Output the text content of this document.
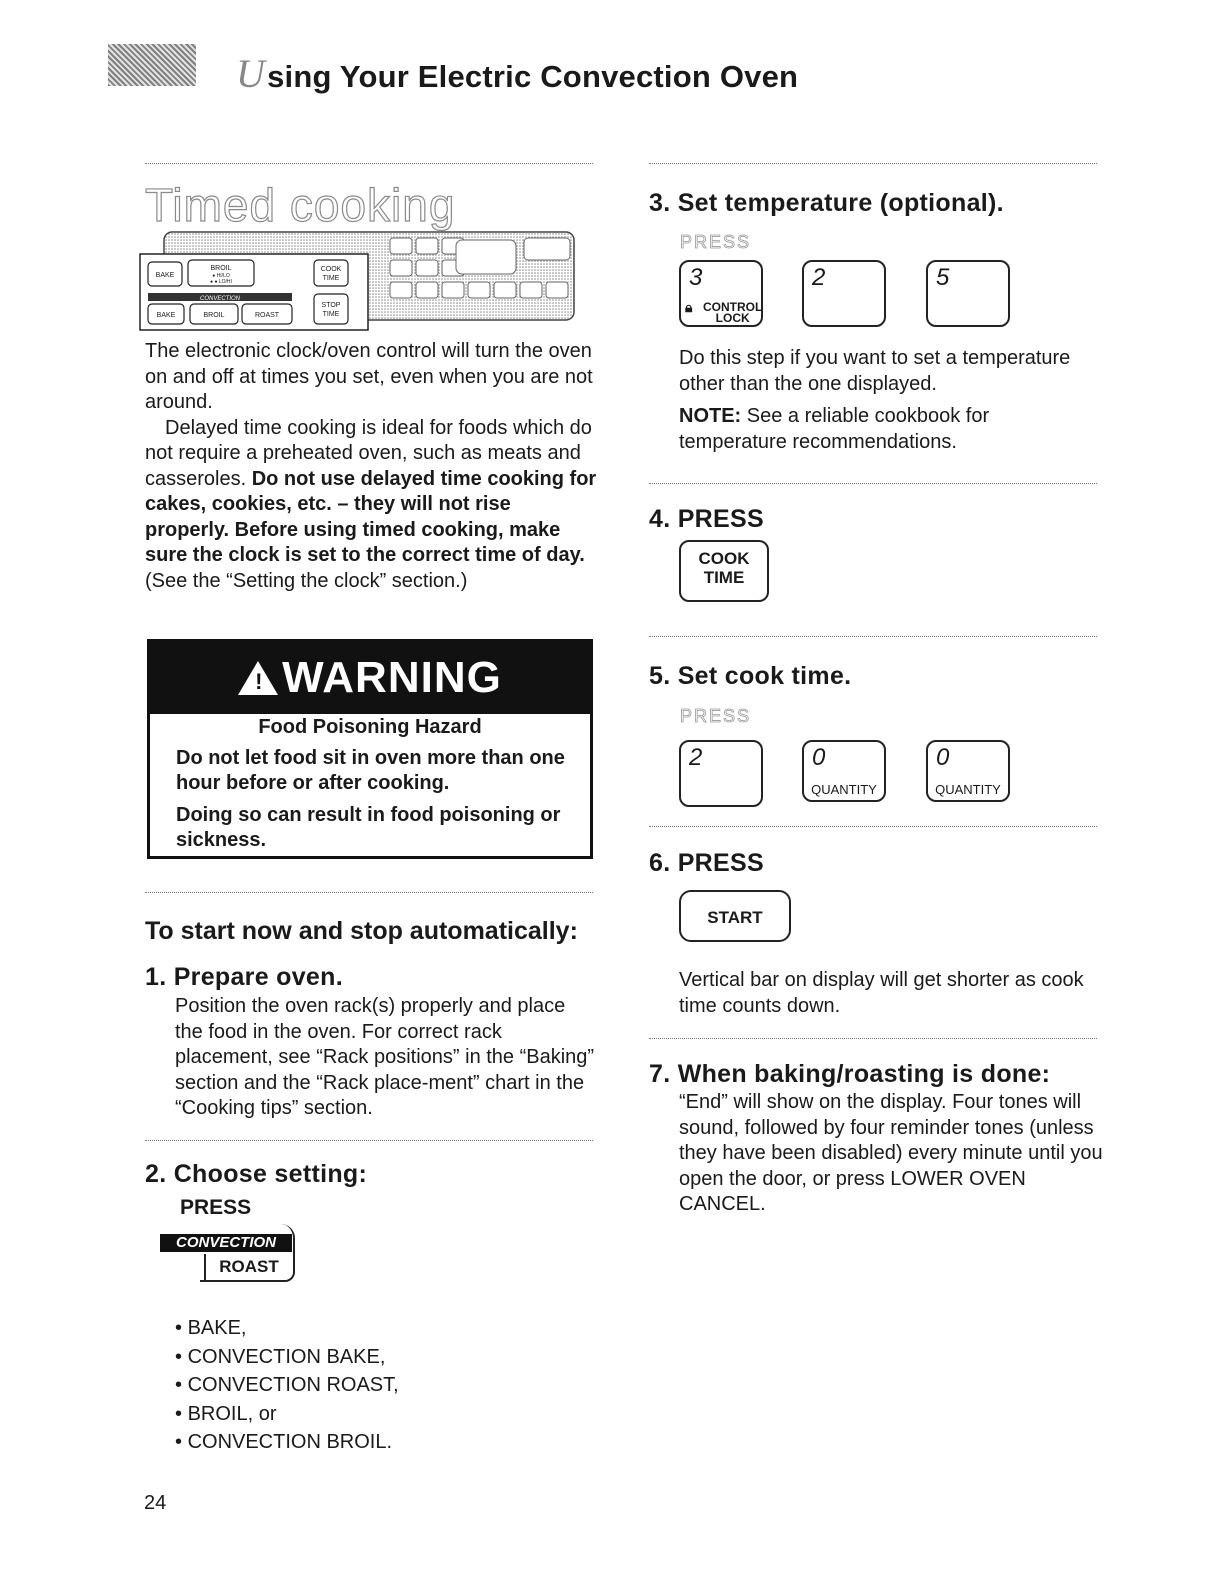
Using Your Electric Convection Oven
Timed cooking
BAKE
BROIL
● HI/LO
● ● LO/HI
COOK
TIME
CONVECTION
BAKE	BROIL	ROAST
STOP
TIME

The electronic clock/oven control will turn the oven on and off at times you set, even when you are not around.

Delayed time cooking is ideal for foods which do not require a preheated oven, such as meats and casseroles. Do not use delayed time cooking for cakes, cookies, etc. – they will not rise properly. Before using timed cooking, make sure the clock is set to the correct time of day. (See the “Setting the clock” section.)

! WARNING
Food Poisoning Hazard
Do not let food sit in oven more than one hour before or after cooking.
Doing so can result in food poisoning or sickness.
To start now and stop automatically:
1. Prepare oven.
Position the oven rack(s) properly and place the food in the oven. For correct rack placement, see “Rack positions” in the “Baking” section and the “Rack place-ment” chart in the “Cooking tips” section.
2. Choose setting:
PRESS
CONVECTION
ROAST
• BAKE,
• CONVECTION BAKE,
• CONVECTION ROAST,
• BROIL, or
• CONVECTION BROIL.
24
3. Set temperature (optional).
PRESS
3
🔒︎ CONTROL
LOCK
2	5
Do this step if you want to set a temperature other than the one displayed.
NOTE: See a reliable cookbook for temperature recommendations.
4. PRESS
COOK
TIME
5. Set cook time.
PRESS
2	0
QUANTITY
0
QUANTITY
6. PRESS
START
Vertical bar on display will get shorter as cook time counts down.
7. When baking/roasting is done:
“End” will show on the display. Four tones will sound, followed by four reminder tones (unless they have been disabled) every minute until you open the door, or press LOWER OVEN CANCEL.
